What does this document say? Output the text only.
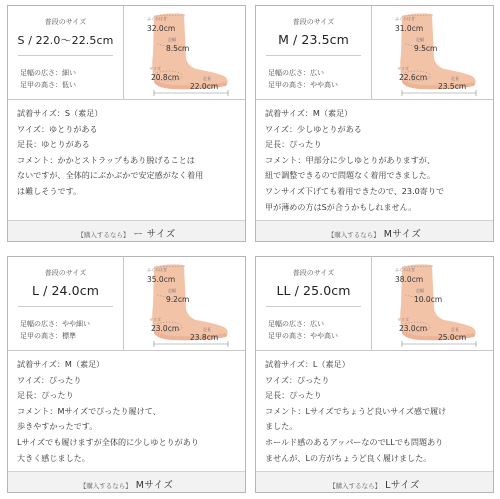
普段のサイズ
S / 22.0〜22.5cm
足幅の広さ：細い
足甲の高さ：低い
ふくらはぎ
32.0cm
足幅
8.5cm
ワイズ
20.8cm	足長
22.0cm

試着サイズ：S（素足）

ワイズ：ゆとりがある

足長：ゆとりがある

コメント：かかとストラップもあり脱げることは

ないですが、全体的にぶかぶかで安定感がなく着用

は難しそうです。

【購入するなら】 ー サイズ
普段のサイズ
M / 23.5cm
足幅の広さ：広い
足甲の高さ：やや高い
ふくらはぎ
31.0cm
足幅
9.5cm
ワイズ
22.6cm	足長
23.5cm

試着サイズ：M（素足）

ワイズ：少しゆとりがある

足長：ぴったり

コメント：甲部分に少しゆとりがありますが、

紐で調整できるので問題なく着用できました。

ワンサイズ下げても着用できたので、23.0寄りで

甲が薄めの方はSが合うかもしれません。

【購入するなら】 Mサイズ
普段のサイズ
L / 24.0cm
足幅の広さ：やや細い
足甲の高さ：標準
ふくらはぎ
35.0cm
足幅
9.2cm
ワイズ
23.0cm	足長
23.8cm

試着サイズ：M（素足）

ワイズ：ぴったり

足長：ぴったり

コメント：Mサイズでぴったり履けて、

歩きやすかったです。

Lサイズでも履けますが全体的に少しゆとりがあり

大きく感じました。

【購入するなら】 Mサイズ
普段のサイズ
LL / 25.0cm
足幅の広さ：広い
足甲の高さ：やや高い
ふくらはぎ
38.0cm
足幅
10.0cm
ワイズ
23.0cm	足長
25.0cm

試着サイズ：L（素足）

ワイズ：ぴったり

足長：ぴったり

コメント：Lサイズでちょうど良いサイズ感で履け

ました。

ホールド感のあるアッパーなのでLLでも問題あり

ませんが、Lの方がちょうど良く履けました。

【購入するなら】 Lサイズ
